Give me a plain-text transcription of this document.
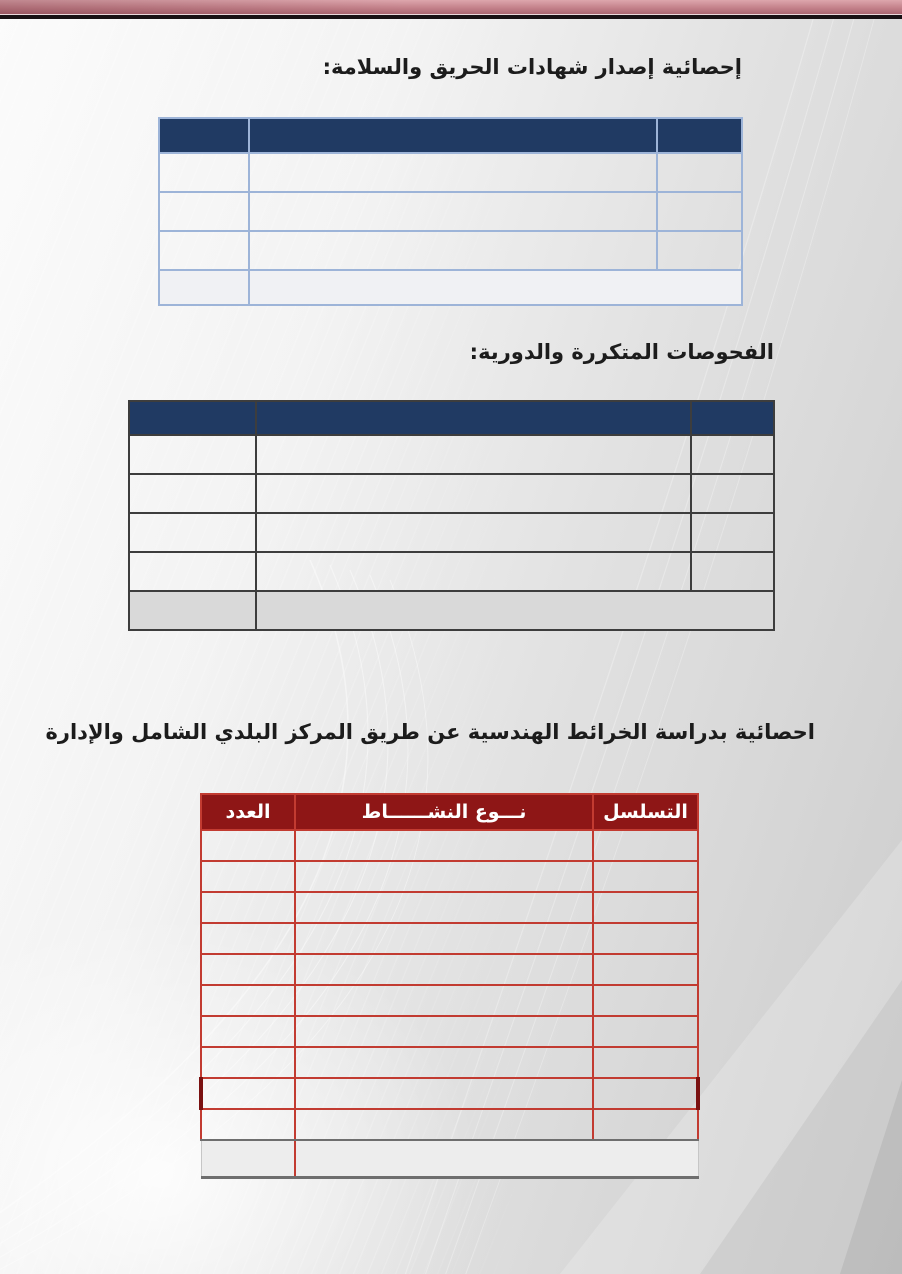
إحصائية إصدار شهادات الحريق والسلامة:

الفحوصات المتكررة والدورية:

احصائية بدراسة الخرائط الهندسية عن طريق المركز البلدي الشامل والإدارة
التسلسل	نـــوع النشــــــاط	العدد
